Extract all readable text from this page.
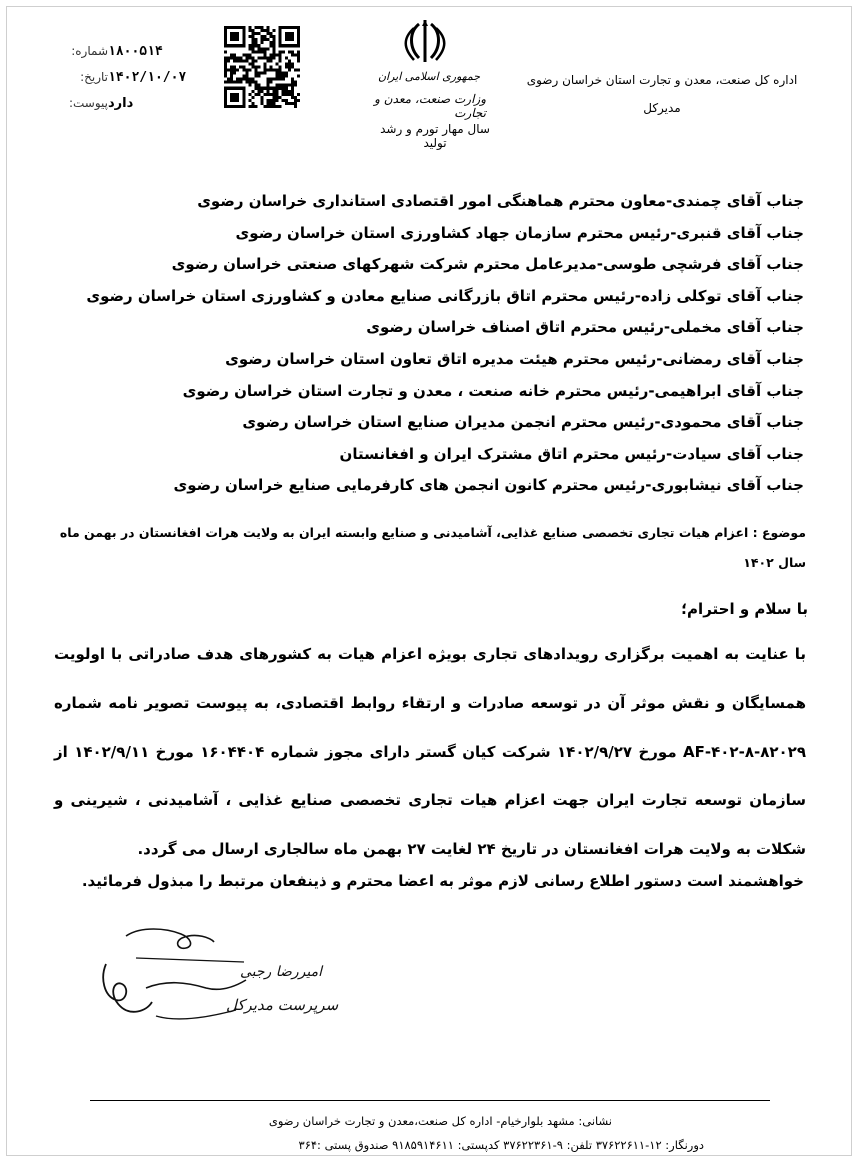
اداره کل صنعت، معدن و تجارت استان خراسان رضوی
مدیرکل
جمهوری اسلامی ایران
وزارت صنعت، معدن و تجارت
سال مهار تورم و رشد تولید
شماره: ۱۸۰۰۵۱۴
تاریخ: ۱۴۰۲/۱۰/۰۷
پیوست: دارد
جناب آقای چمندی-معاون محترم هماهنگی امور اقتصادی استانداری خراسان رضوی
جناب آقای قنبری-رئیس محترم سازمان جهاد کشاورزی استان خراسان رضوی
جناب آقای فرشچی طوسی-مدیرعامل محترم شرکت شهرکهای صنعتی خراسان رضوی
جناب آقای توکلی زاده-رئیس محترم اتاق بازرگانی صنایع معادن و کشاورزی استان خراسان رضوی
جناب آقای مخملی-رئیس محترم اتاق اصناف خراسان رضوی
جناب آقای رمضانی-رئیس محترم هیئت مدیره اتاق تعاون استان خراسان رضوی
جناب آقای ابراهیمی-رئیس محترم خانه صنعت ، معدن و تجارت استان خراسان رضوی
جناب آقای محمودی-رئیس محترم انجمن مدیران صنایع استان خراسان رضوی
جناب آقای سیادت-رئیس محترم اتاق مشترک ایران و افغانستان
جناب آقای نیشابوری-رئیس محترم کانون انجمن های کارفرمایی صنایع خراسان رضوی
موضوع : اعزام هیات تجاری تخصصی صنایع غذایی، آشامیدنی و صنایع وابسته ایران به ولایت هرات افغانستان در بهمن ماه سال ۱۴۰۲
با سلام و احترام؛
با عنایت به اهمیت برگزاری رویدادهای تجاری بویژه اعزام هیات به کشورهای هدف صادراتی با اولویت همسایگان و نقش موثر آن در توسعه صادرات و ارتقاء روابط اقتصادی، به پیوست تصویر نامه شماره ۸۲۰۲۹-۸-۴۰۲-AF مورخ ۱۴۰۲/۹/۲۷ شرکت کیان گستر دارای مجوز شماره ۱۶۰۴۴۰۴ مورخ ۱۴۰۲/۹/۱۱ از سازمان توسعه تجارت ایران جهت اعزام هیات تجاری تخصصی صنایع غذایی ، آشامیدنی ، شیرینی و شکلات به ولایت هرات افغانستان در تاریخ ۲۴ لغایت ۲۷ بهمن ماه سالجاری ارسال می گردد.
خواهشمند است دستور اطلاع رسانی لازم موثر به اعضا محترم و ذینفعان مرتبط را مبذول فرمائید.
امیررضا رجبی
سرپرست مدیرکل
نشانی: مشهد بلوارخیام- اداره کل صنعت،معدن و تجارت خراسان رضوی
دورنگار: ۱۲-۳۷۶۲۲۶۱۱ تلفن: ۹-۳۷۶۲۲۳۶۱ کدپستی: ۹۱۸۵۹۱۴۶۱۱ صندوق پستی :۳۶۴
